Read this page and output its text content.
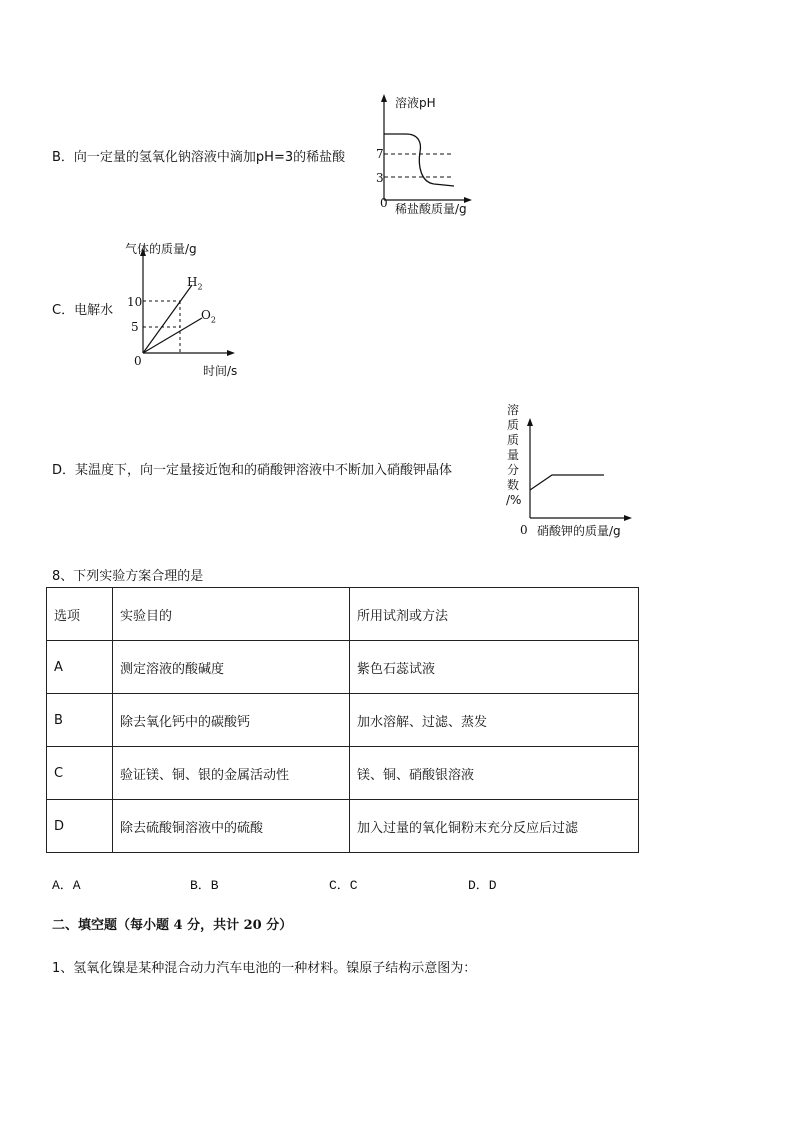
B．向一定量的氢氧化钠溶液中滴加pH=3的稀盐酸
溶液pH
7
3
0 稀盐酸质量/g
C．电解水
气体的质量/g
10
5
0
时间/s
$H_2$
$O_2$
D．某温度下，向一定量接近饱和的硝酸钾溶液中不断加入硝酸钾晶体
溶
质
质
量
分
数
/%
0 硝酸钾的质量/g
8、下列实验方案合理的是
选项	实验目的	所用试剂或方法
A	测定溶液的酸碱度	紫色石蕊试液
B	除去氧化钙中的碳酸钙	加水溶解、过滤、蒸发
C	验证镁、铜、银的金属活动性	镁、铜、硝酸银溶液
D	除去硫酸铜溶液中的硫酸	加入过量的氧化铜粉末充分反应后过滤
A．A	B．B	C．C	D．D
二、填空题（每小题 4 分，共计 20 分）
1、氢氧化镍是某种混合动力汽车电池的一种材料。镍原子结构示意图为：
